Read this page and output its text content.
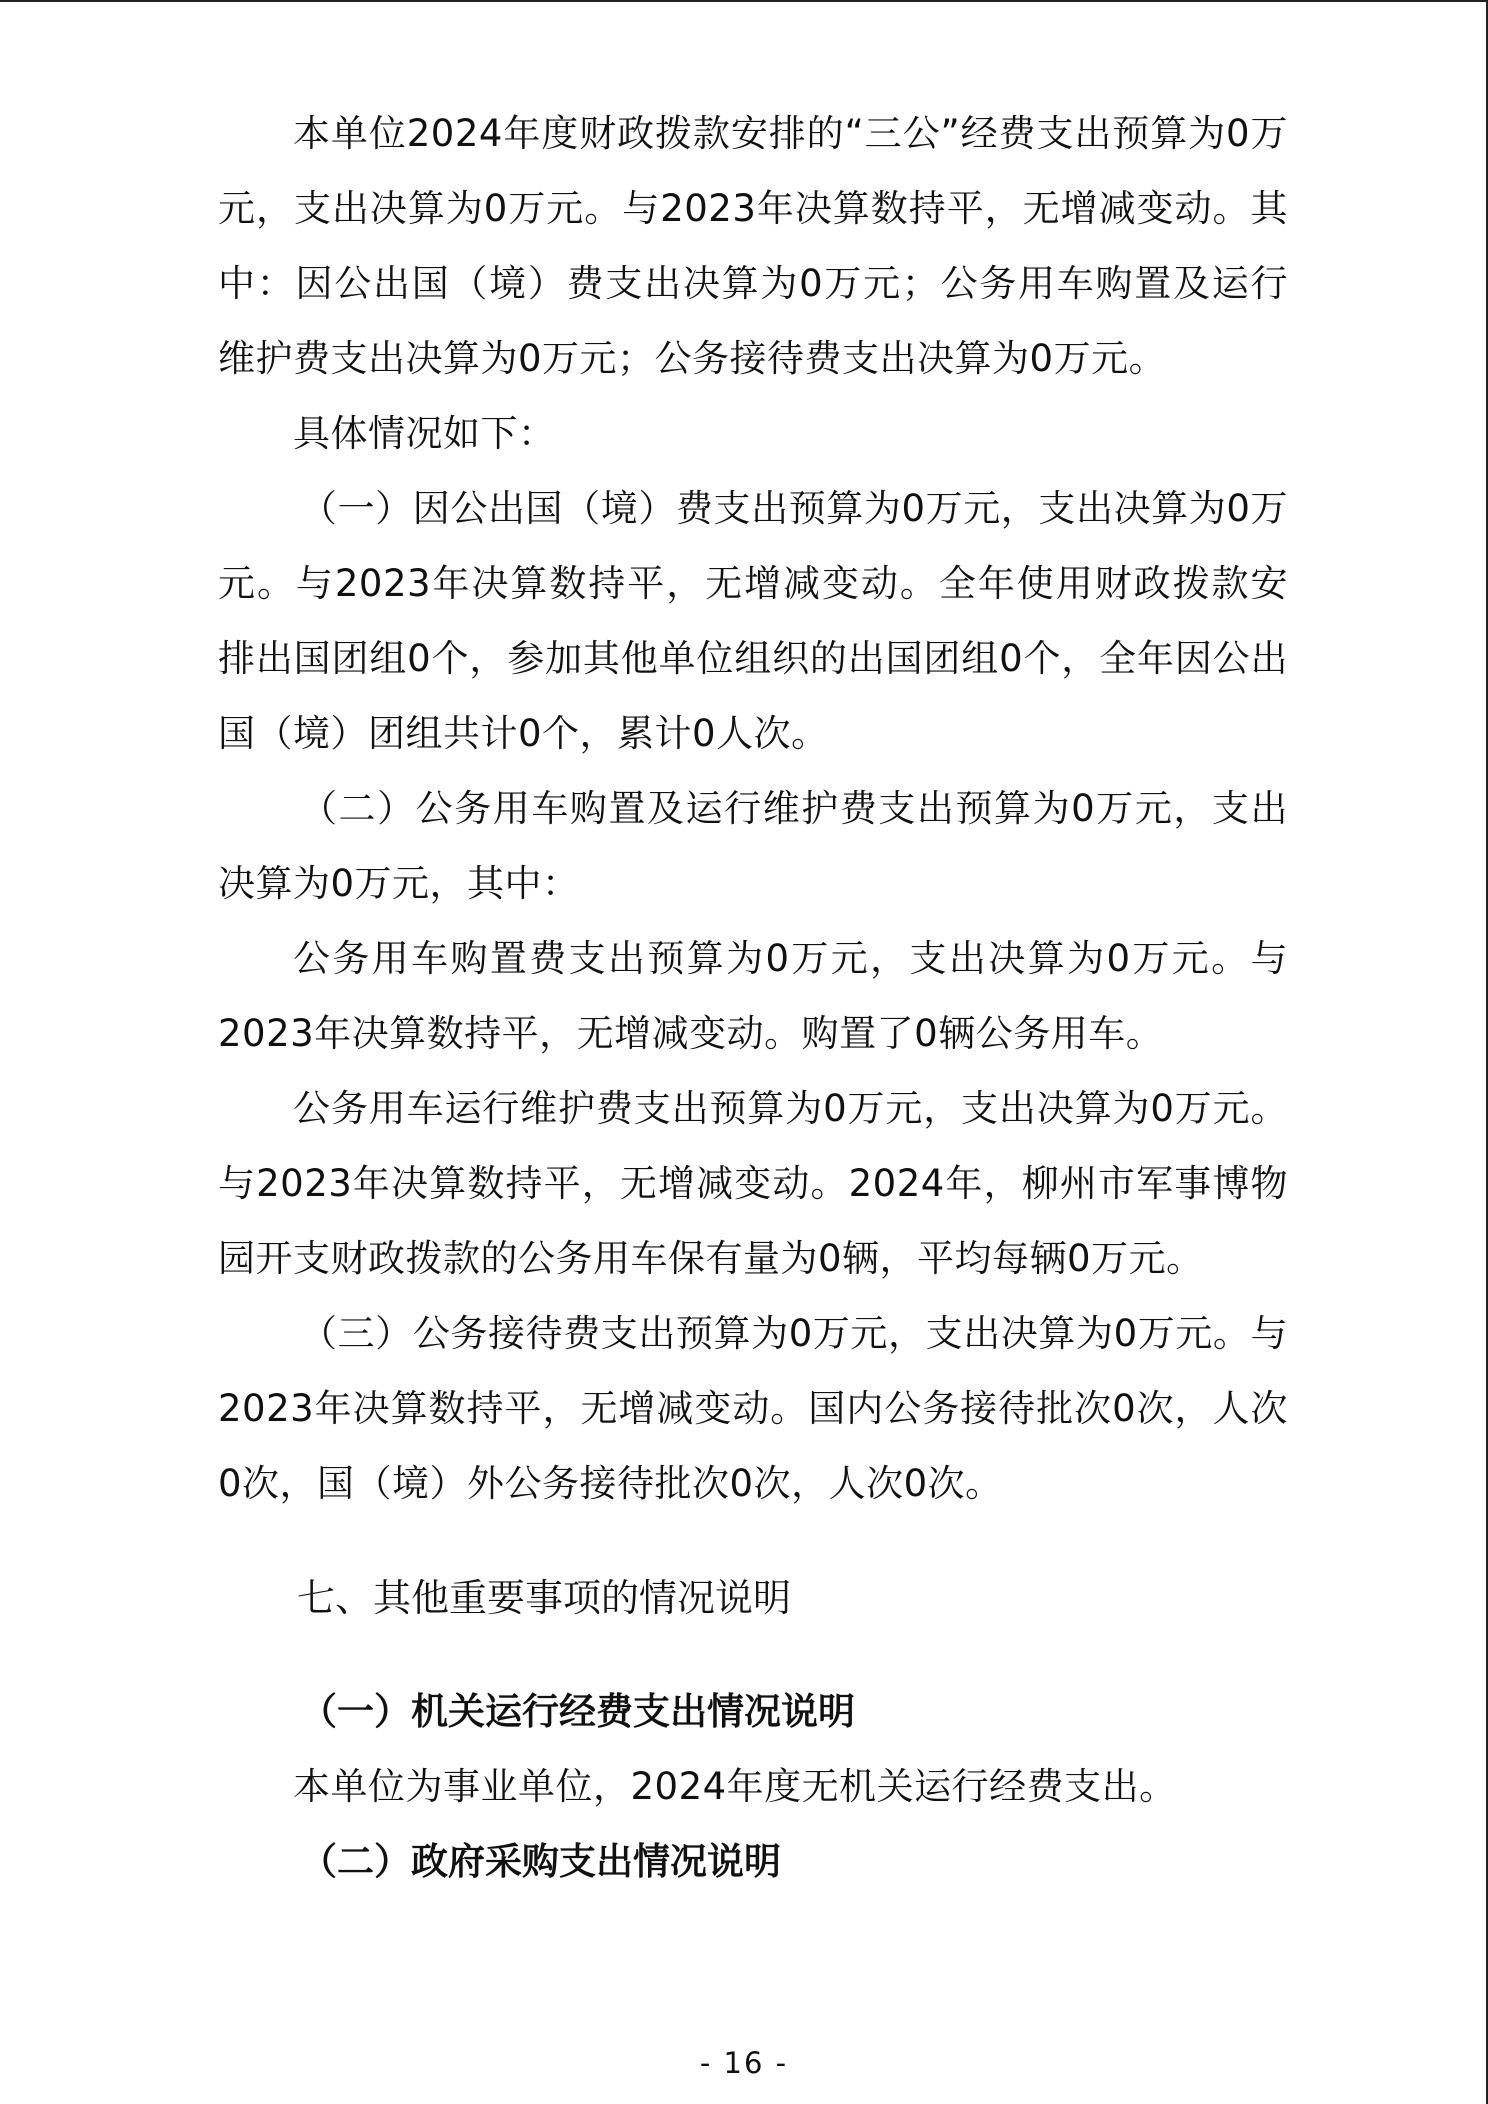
本单位2024年度财政拨款安排的“三公”经费支出预算为0万元，支出决算为0万元。与2023年决算数持平，无增减变动。其中：因公出国（境）费支出决算为0万元；公务用车购置及运行维护费支出决算为0万元；公务接待费支出决算为0万元。

具体情况如下：

（一）因公出国（境）费支出预算为0万元，支出决算为0万元。与2023年决算数持平，无增减变动。全年使用财政拨款安排出国团组0个，参加其他单位组织的出国团组0个，全年因公出国（境）团组共计0个，累计0人次。

（二）公务用车购置及运行维护费支出预算为0万元，支出决算为0万元，其中：

公务用车购置费支出预算为0万元，支出决算为0万元。与2023年决算数持平，无增减变动。购置了0辆公务用车。

公务用车运行维护费支出预算为0万元，支出决算为0万元。与2023年决算数持平，无增减变动。2024年，柳州市军事博物园开支财政拨款的公务用车保有量为0辆，平均每辆0万元。

（三）公务接待费支出预算为0万元，支出决算为0万元。与2023年决算数持平，无增减变动。国内公务接待批次0次，人次0次，国（境）外公务接待批次0次，人次0次。

七、其他重要事项的情况说明
（一）机关运行经费支出情况说明

本单位为事业单位，2024年度无机关运行经费支出。

（二）政府采购支出情况说明
- 16 -
